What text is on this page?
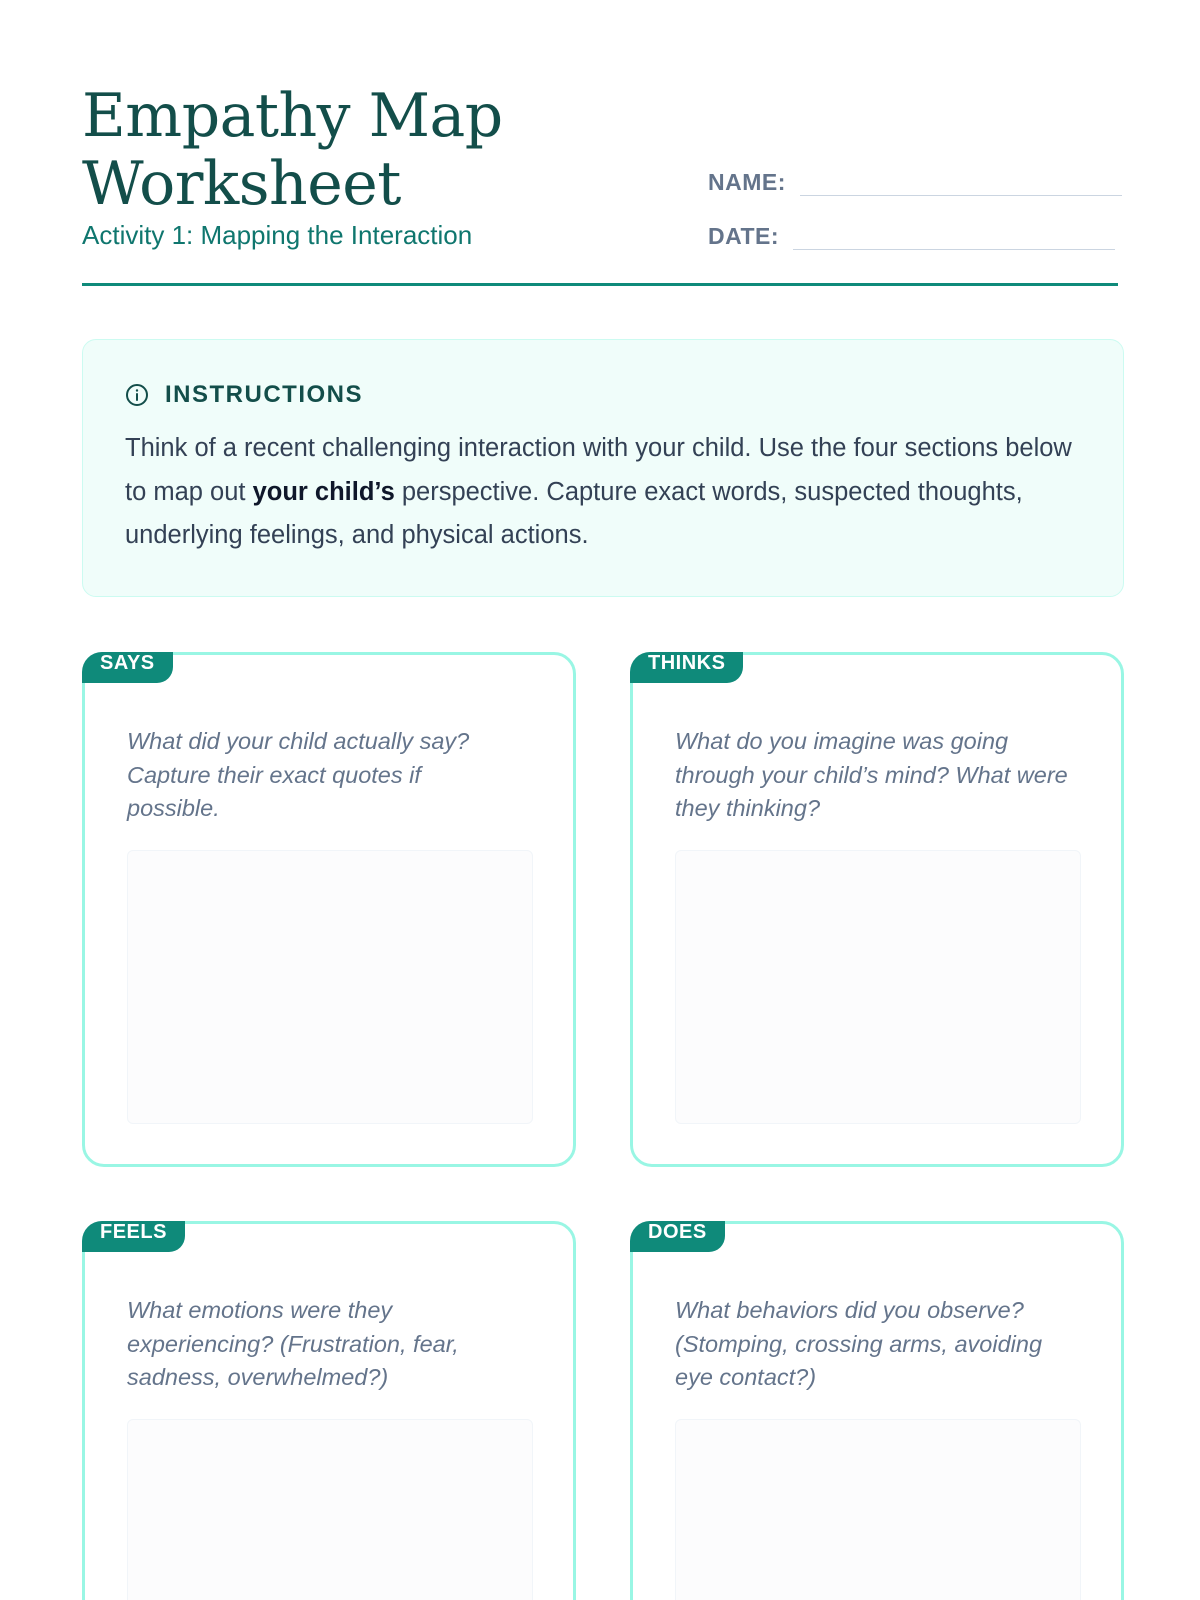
Empathy Map
Worksheet
Activity 1: Mapping the Interaction
NAME:
DATE:
INSTRUCTIONS

Think of a recent challenging interaction with your child. Use the four sections below to map out your child’s perspective. Capture exact words, suspected thoughts, underlying feelings, and physical actions.

SAYS

What did your child actually say? Capture their exact quotes if possible.

THINKS

What do you imagine was going through your child’s mind? What were they thinking?

FEELS

What emotions were they experiencing? (Frustration, fear, sadness, overwhelmed?)

DOES

What behaviors did you observe? (Stomping, crossing arms, avoiding eye contact?)
